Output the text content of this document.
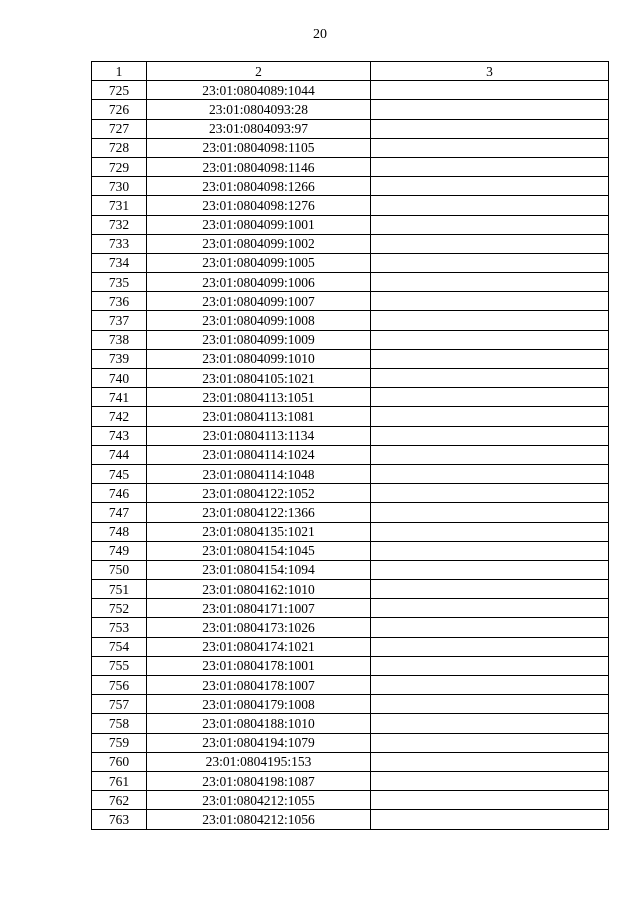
20
1	2	3
725	23:01:0804089:1044	
726	23:01:0804093:28	
727	23:01:0804093:97	
728	23:01:0804098:1105	
729	23:01:0804098:1146	
730	23:01:0804098:1266	
731	23:01:0804098:1276	
732	23:01:0804099:1001	
733	23:01:0804099:1002	
734	23:01:0804099:1005	
735	23:01:0804099:1006	
736	23:01:0804099:1007	
737	23:01:0804099:1008	
738	23:01:0804099:1009	
739	23:01:0804099:1010	
740	23:01:0804105:1021	
741	23:01:0804113:1051	
742	23:01:0804113:1081	
743	23:01:0804113:1134	
744	23:01:0804114:1024	
745	23:01:0804114:1048	
746	23:01:0804122:1052	
747	23:01:0804122:1366	
748	23:01:0804135:1021	
749	23:01:0804154:1045	
750	23:01:0804154:1094	
751	23:01:0804162:1010	
752	23:01:0804171:1007	
753	23:01:0804173:1026	
754	23:01:0804174:1021	
755	23:01:0804178:1001	
756	23:01:0804178:1007	
757	23:01:0804179:1008	
758	23:01:0804188:1010	
759	23:01:0804194:1079	
760	23:01:0804195:153	
761	23:01:0804198:1087	
762	23:01:0804212:1055	
763	23:01:0804212:1056	
